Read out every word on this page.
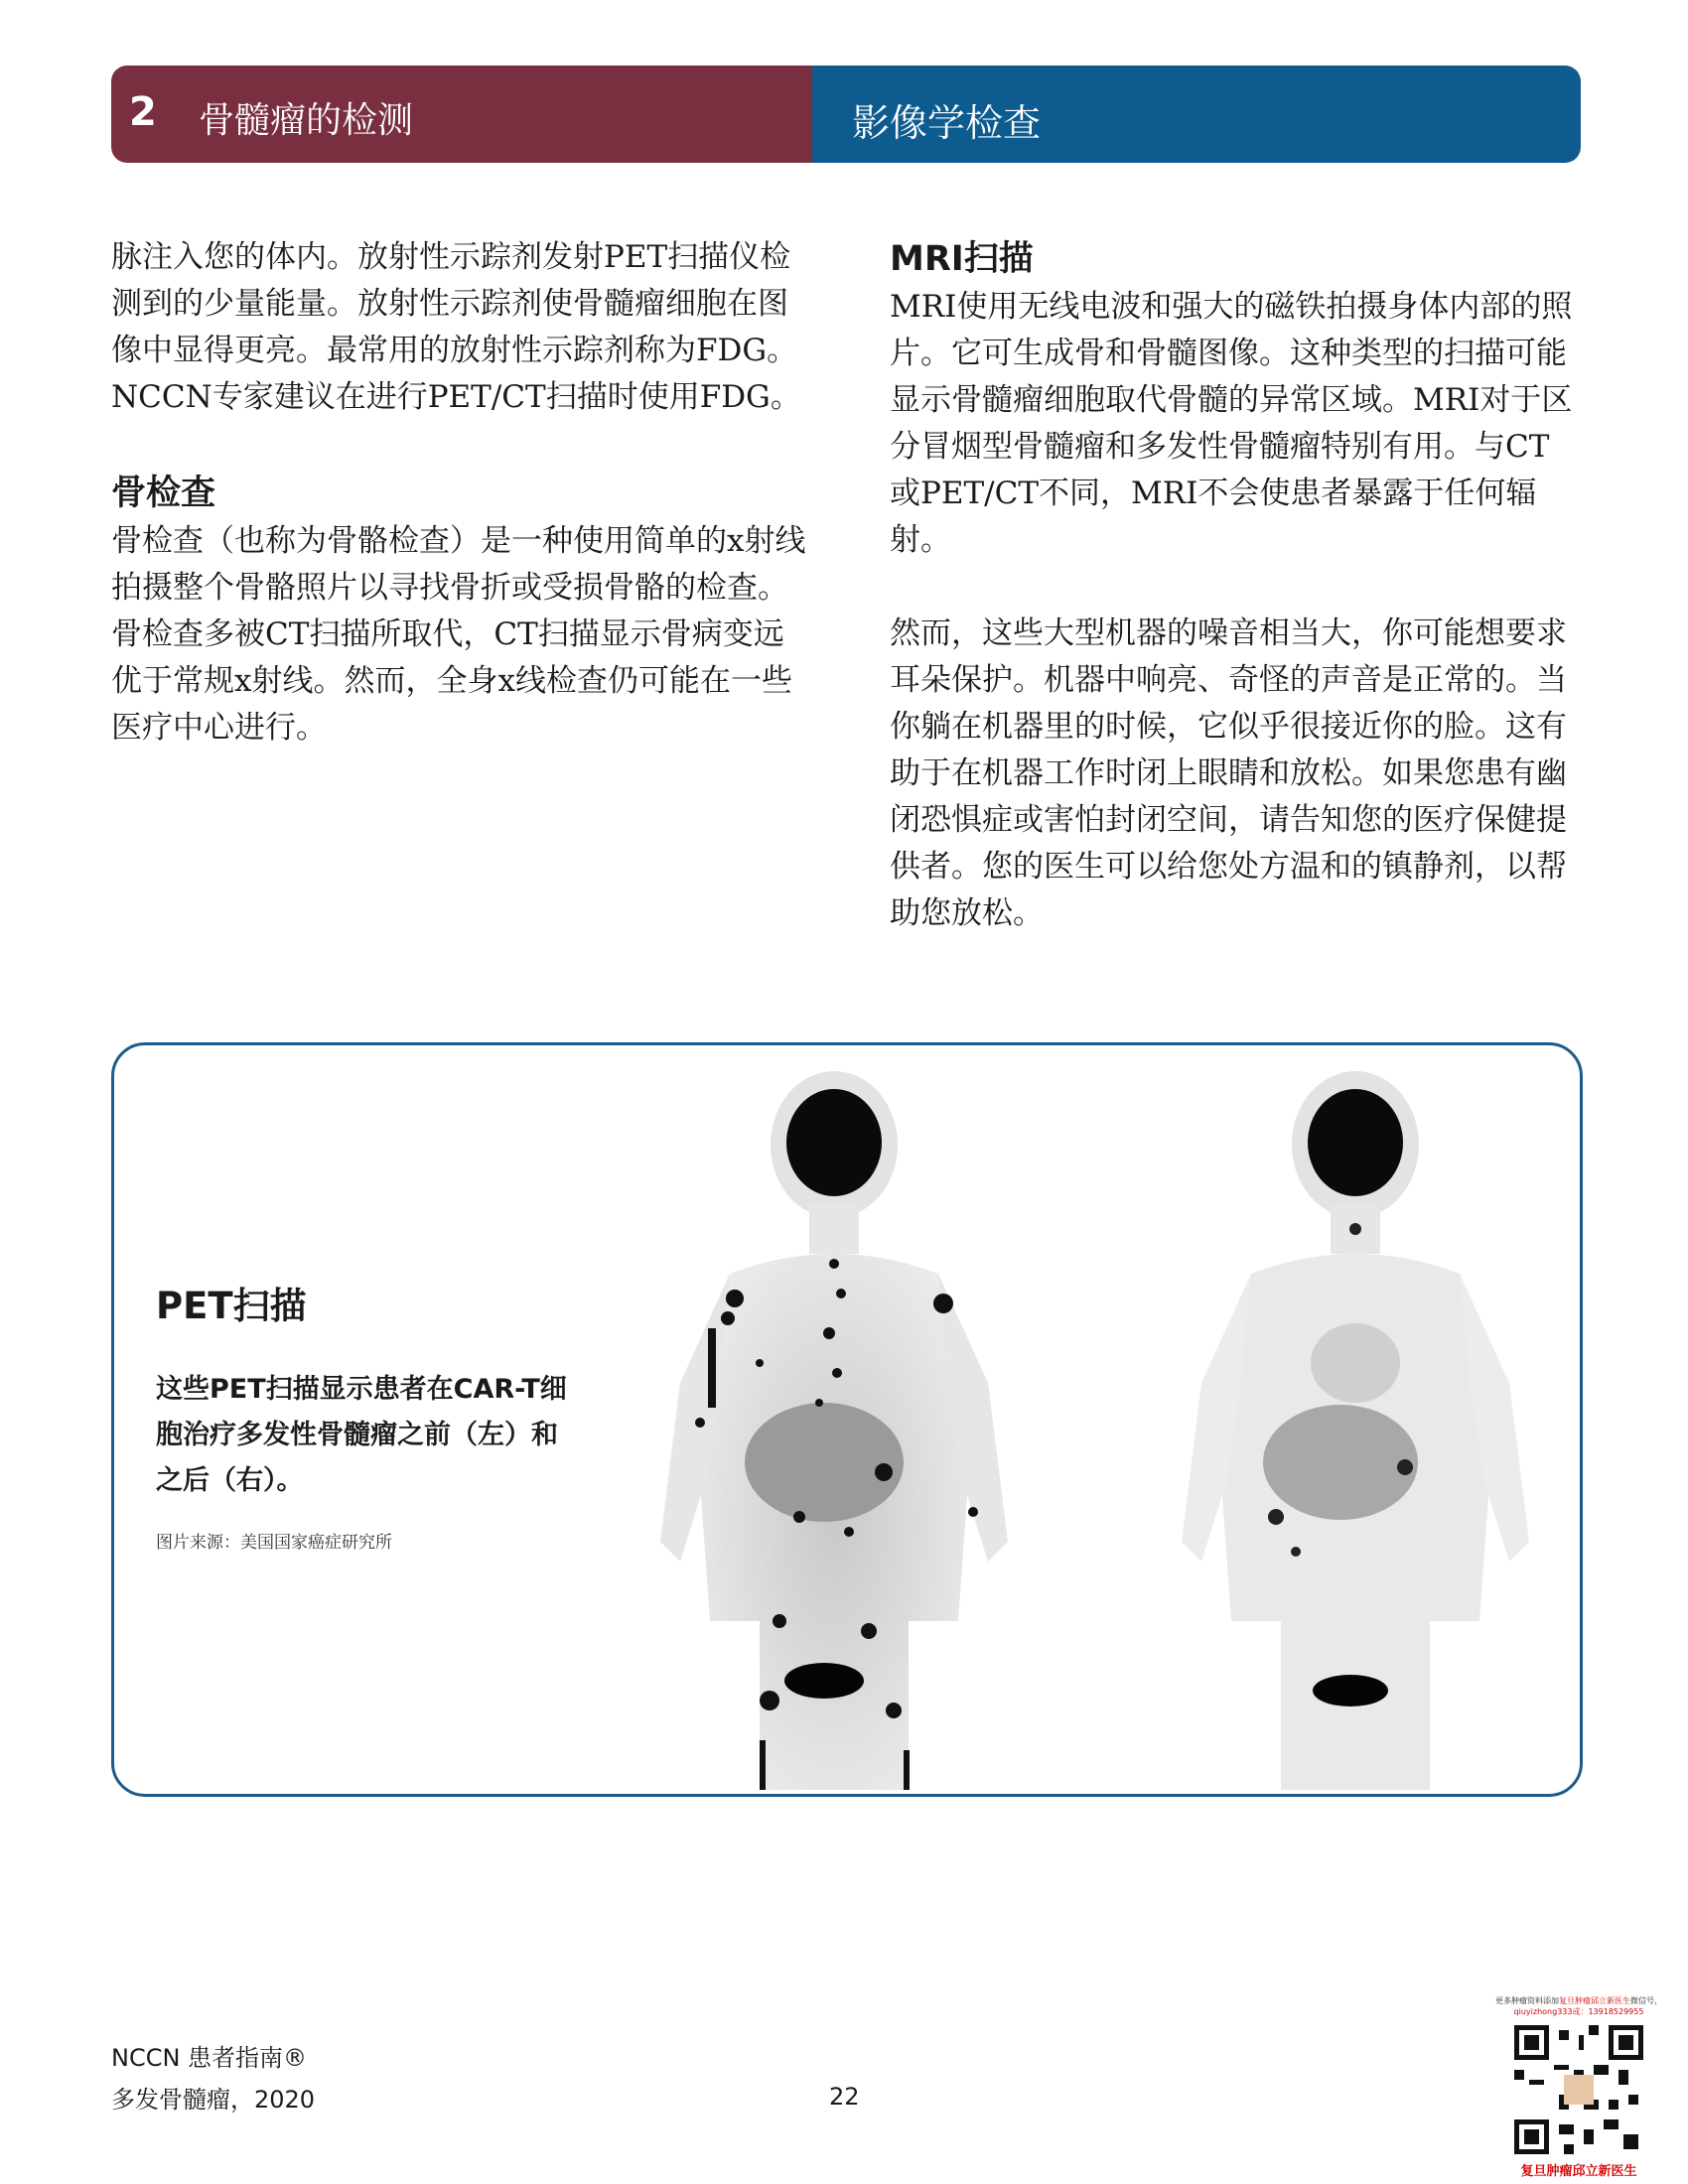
2 骨髓瘤的检测	影像学检查

脉注入您的体内。放射性示踪剂发射PET扫描仪检测到的少量能量。放射性示踪剂使骨髓瘤细胞在图像中显得更亮。最常用的放射性示踪剂称为FDG。NCCN专家建议在进行PET/CT扫描时使用FDG。

骨检查

骨检查（也称为骨骼检查）是一种使用简单的x射线拍摄整个骨骼照片以寻找骨折或受损骨骼的检查。骨检查多被CT扫描所取代，CT扫描显示骨病变远优于常规x射线。然而，全身x线检查仍可能在一些医疗中心进行。

MRI扫描

MRI使用无线电波和强大的磁铁拍摄身体内部的照片。它可生成骨和骨髓图像。这种类型的扫描可能显示骨髓瘤细胞取代骨髓的异常区域。MRI对于区分冒烟型骨髓瘤和多发性骨髓瘤特别有用。与CT或PET/CT不同，MRI不会使患者暴露于任何辐射。

然而，这些大型机器的噪音相当大，你可能想要求耳朵保护。机器中响亮、奇怪的声音是正常的。当你躺在机器里的时候，它似乎很接近你的脸。这有助于在机器工作时闭上眼睛和放松。如果您患有幽闭恐惧症或害怕封闭空间，请告知您的医疗保健提供者。您的医生可以给您处方温和的镇静剂，以帮助您放松。

PET扫描
这些PET扫描显示患者在CAR-T细胞治疗多发性骨髓瘤之前（左）和之后（右）。
图片来源：美国国家癌症研究所
NCCN 患者指南®
多发骨髓瘤，2020	22
更多肿瘤资料添加复旦肿瘤邱立新医生微信号，
qiuyizhong333或：13918529955
复旦肿瘤邱立新医生
